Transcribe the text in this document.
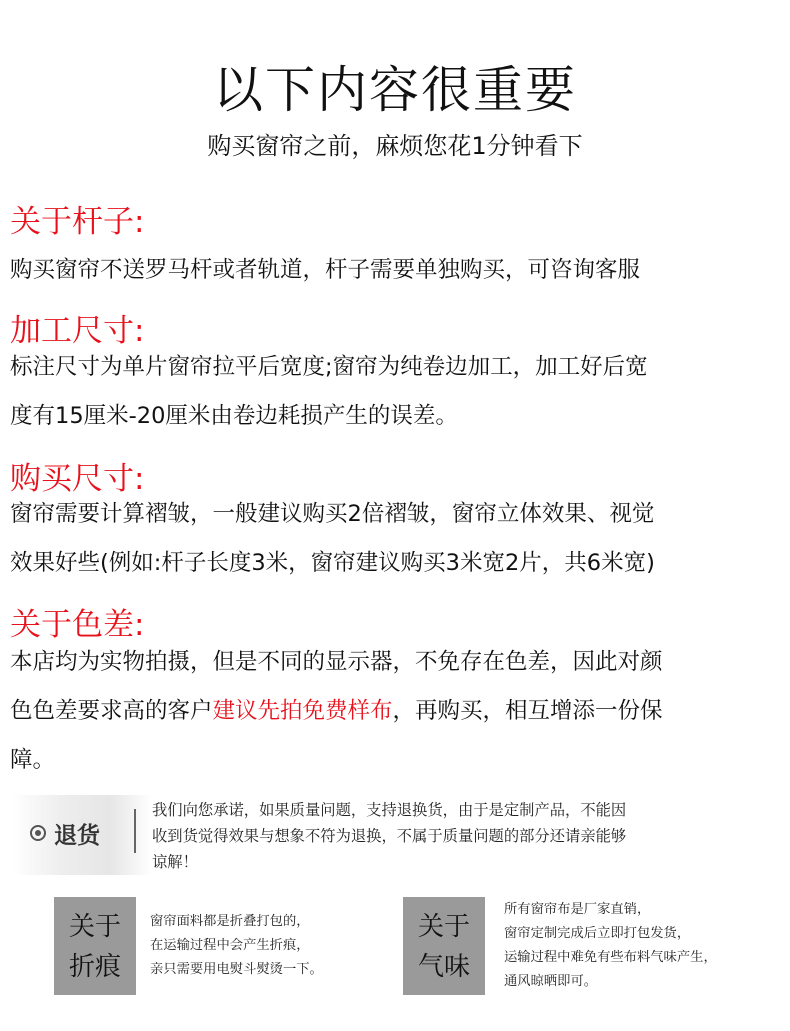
以下内容很重要
购买窗帘之前，麻烦您花1分钟看下
关于杆子:
购买窗帘不送罗马杆或者轨道，杆子需要单独购买，可咨询客服
加工尺寸:
标注尺寸为单片窗帘拉平后宽度;窗帘为纯卷边加工，加工好后宽
度有15厘米-20厘米由卷边耗损产生的误差。
购买尺寸:
窗帘需要计算褶皱，一般建议购买2倍褶皱，窗帘立体效果、视觉
效果好些(例如:杆子长度3米，窗帘建议购买3米宽2片，共6米宽)
关于色差:
本店均为实物拍摄，但是不同的显示器，不免存在色差，因此对颜
色色差要求高的客户建议先拍免费样布，再购买，相互增添一份保
障。
退货
我们向您承诺，如果质量问题，支持退换货，由于是定制产品，不能因
收到货觉得效果与想象不符为退换，不属于质量问题的部分还请亲能够
谅解！
关于
折痕
窗帘面料都是折叠打包的，
在运输过程中会产生折痕，
亲只需要用电熨斗熨烫一下。
关于
气味
所有窗帘布是厂家直销，
窗帘定制完成后立即打包发货，
运输过程中难免有些布料气味产生，
通风晾晒即可。
